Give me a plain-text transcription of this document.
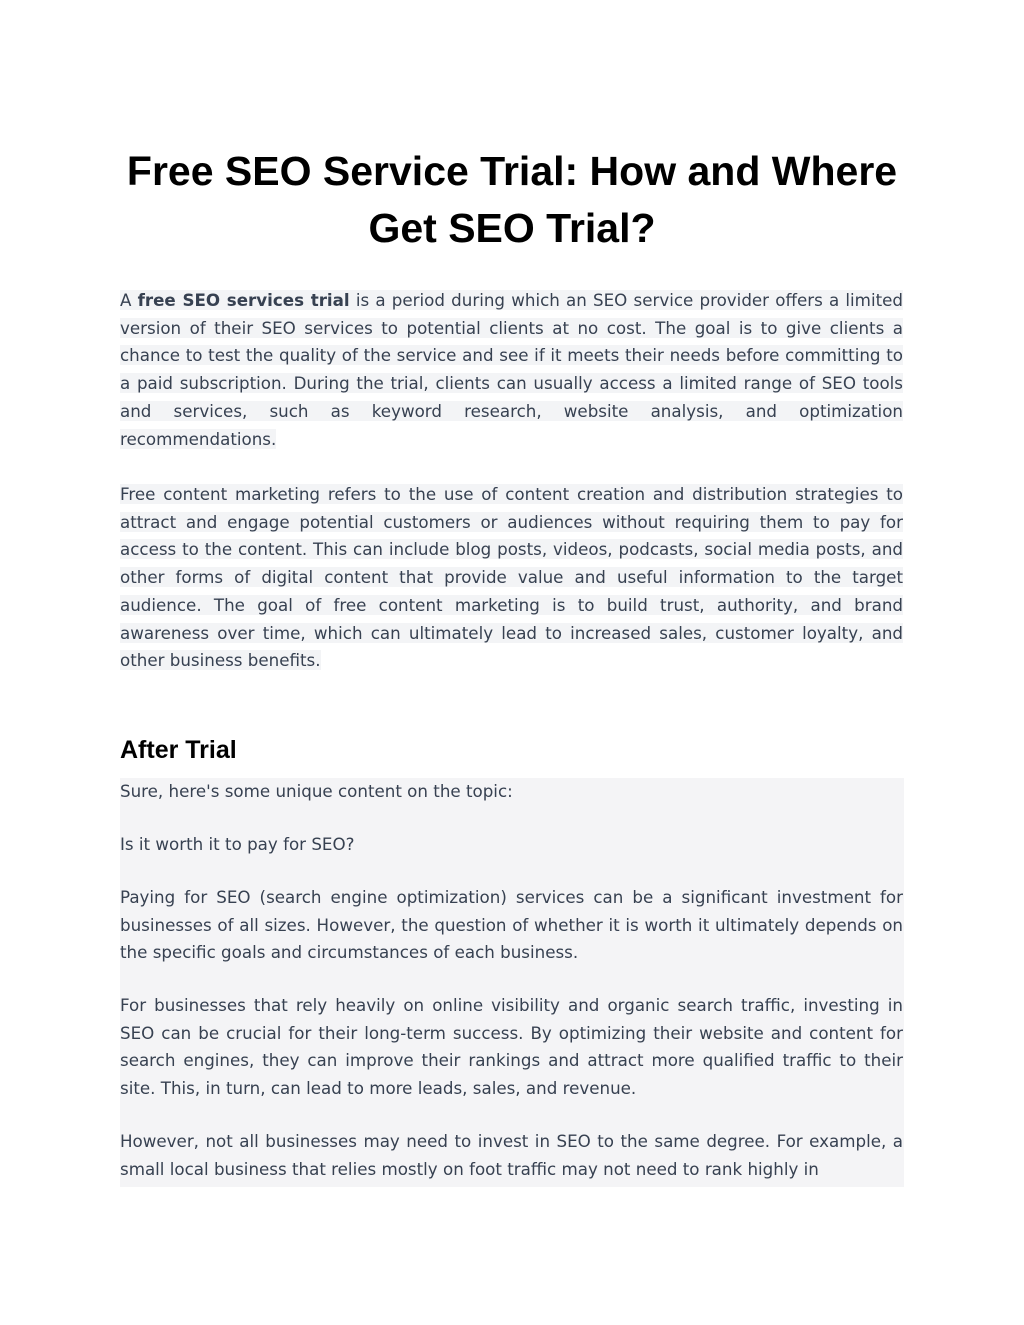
Free SEO Service Trial: How and Where Get SEO Trial?

A free SEO services trial is a period during which an SEO service provider offers a limited version of their SEO services to potential clients at no cost. The goal is to give clients a chance to test the quality of the service and see if it meets their needs before committing to a paid subscription. During the trial, clients can usually access a limited range of SEO tools and services, such as keyword research, website analysis, and optimization recommendations.

Free content marketing refers to the use of content creation and distribution strategies to attract and engage potential customers or audiences without requiring them to pay for access to the content. This can include blog posts, videos, podcasts, social media posts, and other forms of digital content that provide value and useful information to the target audience. The goal of free content marketing is to build trust, authority, and brand awareness over time, which can ultimately lead to increased sales, customer loyalty, and other business benefits.

After Trial

Sure, here's some unique content on the topic:

Is it worth it to pay for SEO?

Paying for SEO (search engine optimization) services can be a significant investment for businesses of all sizes. However, the question of whether it is worth it ultimately depends on the specific goals and circumstances of each business.

For businesses that rely heavily on online visibility and organic search traffic, investing in SEO can be crucial for their long-term success. By optimizing their website and content for search engines, they can improve their rankings and attract more qualified traffic to their site. This, in turn, can lead to more leads, sales, and revenue.

However, not all businesses may need to invest in SEO to the same degree. For example, a small local business that relies mostly on foot traffic may not need to rank highly in
